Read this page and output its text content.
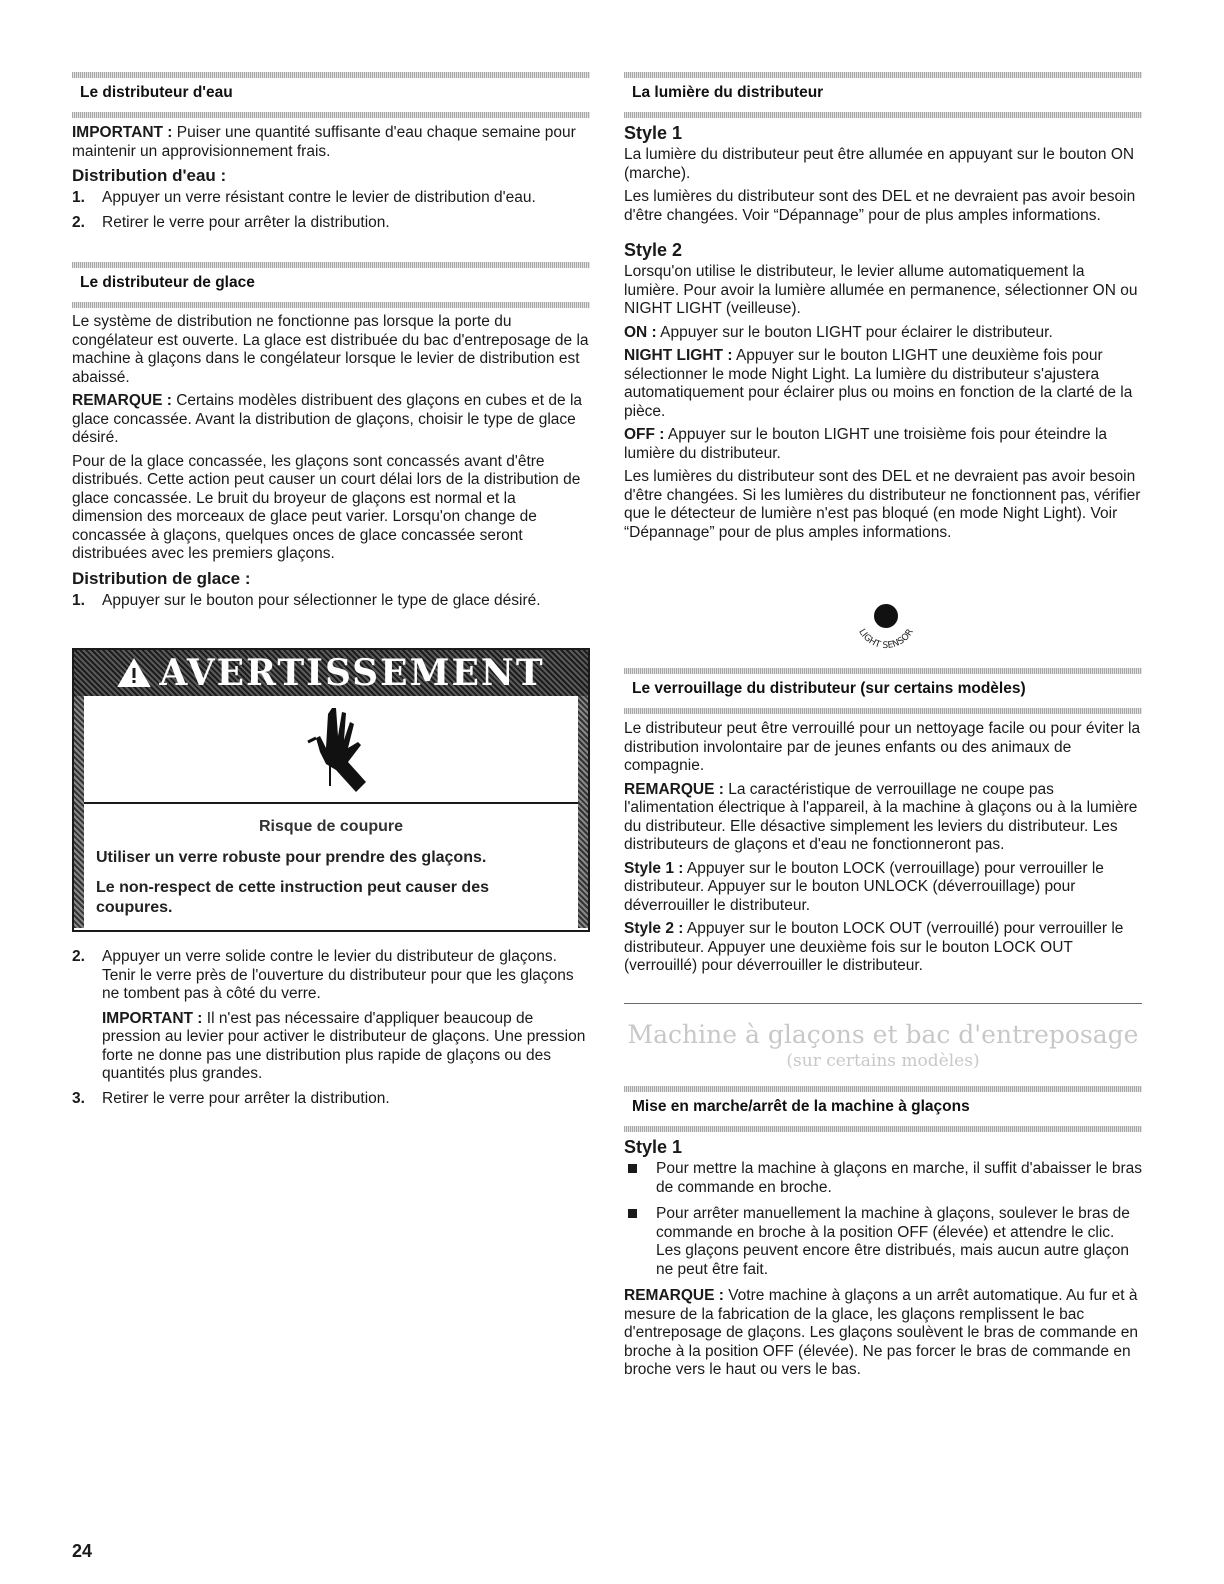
Le distributeur d'eau

IMPORTANT : Puiser une quantité suffisante d'eau chaque semaine pour maintenir un approvisionnement frais.

Distribution d'eau :
1. Appuyer un verre résistant contre le levier de distribution d'eau.
2. Retirer le verre pour arrêter la distribution.
Le distributeur de glace

Le système de distribution ne fonctionne pas lorsque la porte du congélateur est ouverte. La glace est distribuée du bac d'entreposage de la machine à glaçons dans le congélateur lorsque le levier de distribution est abaissé.

REMARQUE : Certains modèles distribuent des glaçons en cubes et de la glace concassée. Avant la distribution de glaçons, choisir le type de glace désiré.

Pour de la glace concassée, les glaçons sont concassés avant d'être distribués. Cette action peut causer un court délai lors de la distribution de glace concassée. Le bruit du broyeur de glaçons est normal et la dimension des morceaux de glace peut varier. Lorsqu'on change de concassée à glaçons, quelques onces de glace concassée seront distribuées avec les premiers glaçons.

Distribution de glace :
1. Appuyer sur le bouton pour sélectionner le type de glace désiré.
AVERTISSEMENT
Risque de coupure
Utiliser un verre robuste pour prendre des glaçons.
Le non-respect de cette instruction peut causer des coupures.
2. Appuyer un verre solide contre le levier du distributeur de glaçons. Tenir le verre près de l'ouverture du distributeur pour que les glaçons ne tombent pas à côté du verre.

IMPORTANT : Il n'est pas nécessaire d'appliquer beaucoup de pression au levier pour activer le distributeur de glaçons. Une pression forte ne donne pas une distribution plus rapide de glaçons ou des quantités plus grandes.

3. Retirer le verre pour arrêter la distribution.
La lumière du distributeur
Style 1

La lumière du distributeur peut être allumée en appuyant sur le bouton ON (marche).

Les lumières du distributeur sont des DEL et ne devraient pas avoir besoin d'être changées. Voir “Dépannage” pour de plus amples informations.

Style 2

Lorsqu'on utilise le distributeur, le levier allume automatiquement la lumière. Pour avoir la lumière allumée en permanence, sélectionner ON ou NIGHT LIGHT (veilleuse).

ON : Appuyer sur le bouton LIGHT pour éclairer le distributeur.

NIGHT LIGHT : Appuyer sur le bouton LIGHT une deuxième fois pour sélectionner le mode Night Light. La lumière du distributeur s'ajustera automatiquement pour éclairer plus ou moins en fonction de la clarté de la pièce.

OFF : Appuyer sur le bouton LIGHT une troisième fois pour éteindre la lumière du distributeur.

Les lumières du distributeur sont des DEL et ne devraient pas avoir besoin d'être changées. Si les lumières du distributeur ne fonctionnent pas, vérifier que le détecteur de lumière n'est pas bloqué (en mode Night Light). Voir “Dépannage” pour de plus amples informations.

LIGHT SENSOR
Le verrouillage du distributeur (sur certains modèles)

Le distributeur peut être verrouillé pour un nettoyage facile ou pour éviter la distribution involontaire par de jeunes enfants ou des animaux de compagnie.

REMARQUE : La caractéristique de verrouillage ne coupe pas l'alimentation électrique à l'appareil, à la machine à glaçons ou à la lumière du distributeur. Elle désactive simplement les leviers du distributeur. Les distributeurs de glaçons et d'eau ne fonctionneront pas.

Style 1 : Appuyer sur le bouton LOCK (verrouillage) pour verrouiller le distributeur. Appuyer sur le bouton UNLOCK (déverrouillage) pour déverrouiller le distributeur.

Style 2 : Appuyer sur le bouton LOCK OUT (verrouillé) pour verrouiller le distributeur. Appuyer une deuxième fois sur le bouton LOCK OUT (verrouillé) pour déverrouiller le distributeur.

Machine à glaçons et bac d'entreposage
(sur certains modèles)
Mise en marche/arrêt de la machine à glaçons
Style 1
Pour mettre la machine à glaçons en marche, il suffit d'abaisser le bras de commande en broche.
Pour arrêter manuellement la machine à glaçons, soulever le bras de commande en broche à la position OFF (élevée) et attendre le clic. Les glaçons peuvent encore être distribués, mais aucun autre glaçon ne peut être fait.

REMARQUE : Votre machine à glaçons a un arrêt automatique. Au fur et à mesure de la fabrication de la glace, les glaçons remplissent le bac d'entreposage de glaçons. Les glaçons soulèvent le bras de commande en broche à la position OFF (élevée). Ne pas forcer le bras de commande en broche vers le haut ou vers le bas.

24
